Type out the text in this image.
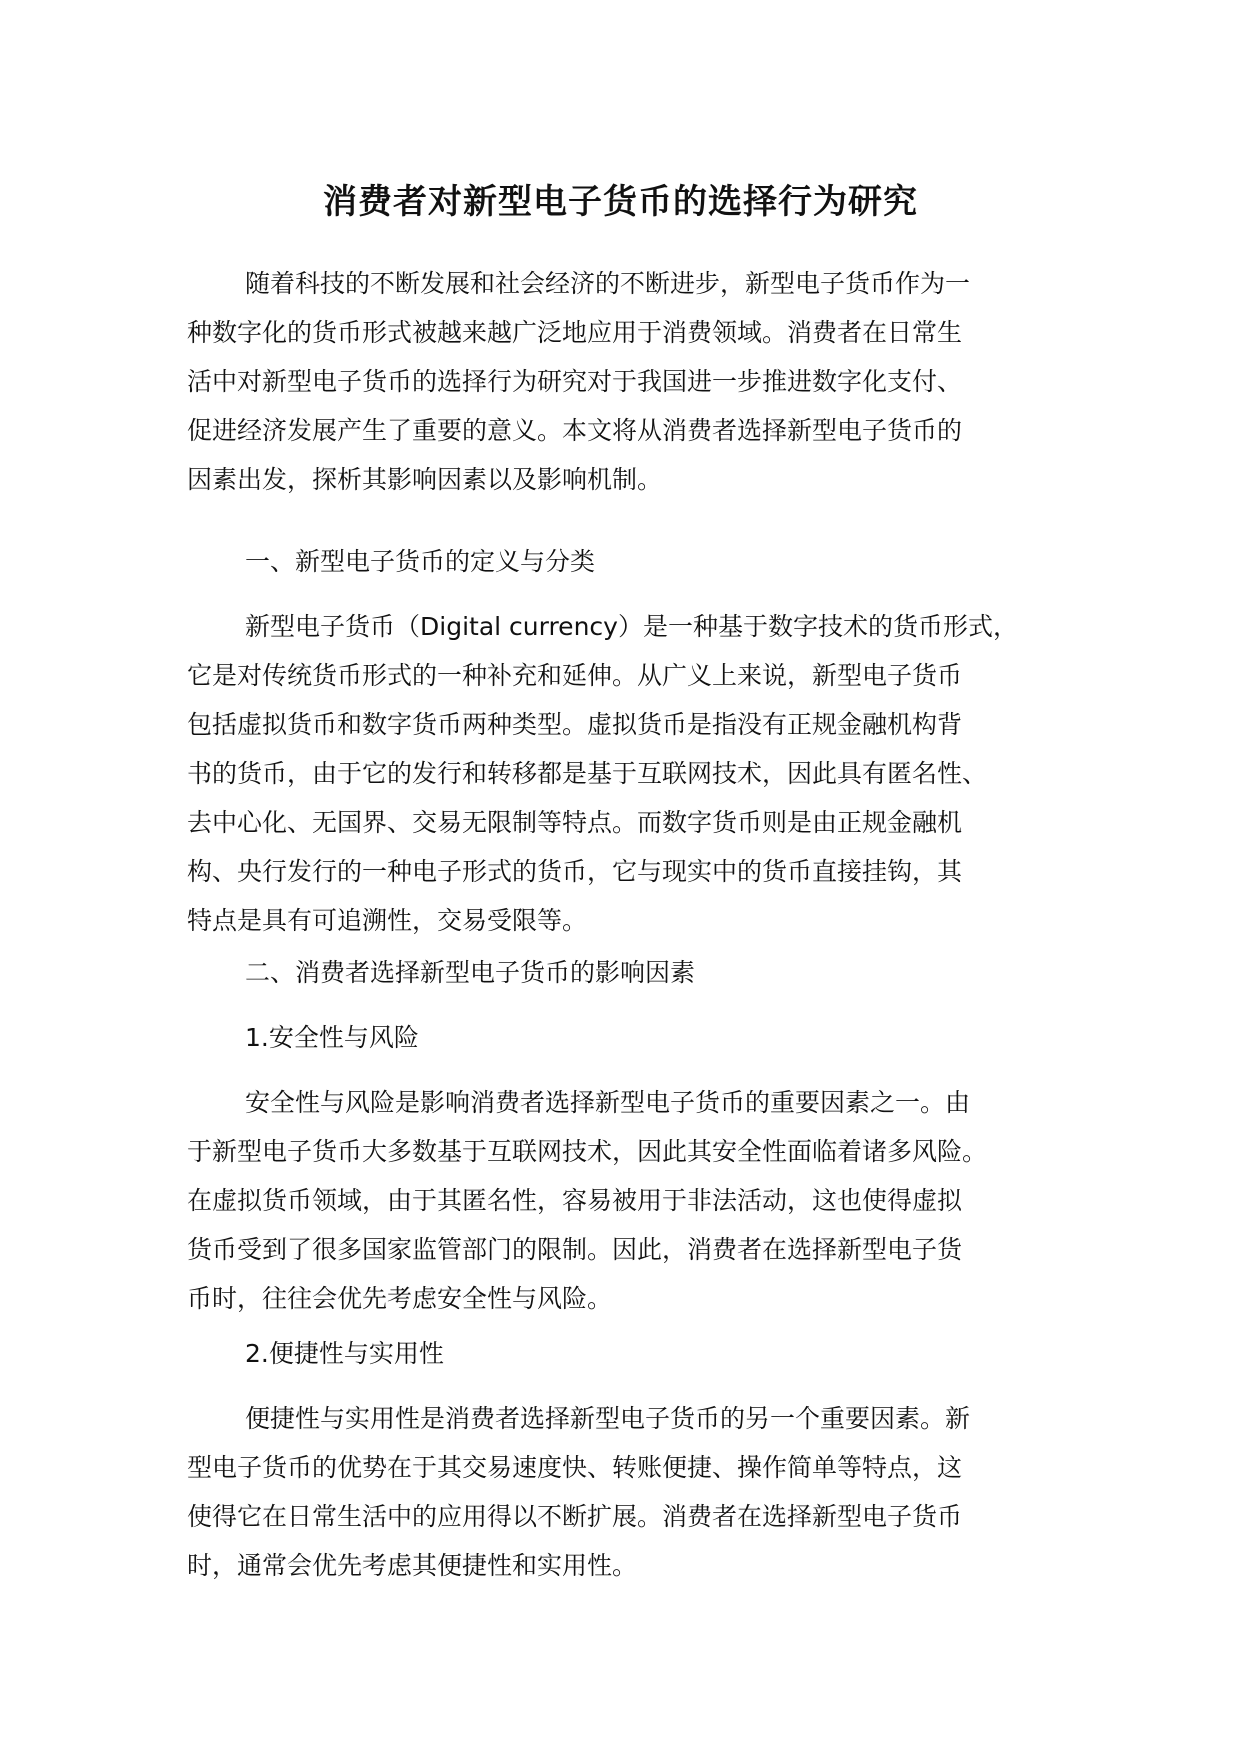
消费者对新型电子货币的选择行为研究
随着科技的不断发展和社会经济的不断进步，新型电子货币作为一
种数字化的货币形式被越来越广泛地应用于消费领域。消费者在日常生
活中对新型电子货币的选择行为研究对于我国进一步推进数字化支付、
促进经济发展产生了重要的意义。本文将从消费者选择新型电子货币的
因素出发，探析其影响因素以及影响机制。
一、新型电子货币的定义与分类
新型电子货币（Digital currency）是一种基于数字技术的货币形式，
它是对传统货币形式的一种补充和延伸。从广义上来说，新型电子货币
包括虚拟货币和数字货币两种类型。虚拟货币是指没有正规金融机构背
书的货币，由于它的发行和转移都是基于互联网技术，因此具有匿名性、
去中心化、无国界、交易无限制等特点。而数字货币则是由正规金融机
构、央行发行的一种电子形式的货币，它与现实中的货币直接挂钩，其
特点是具有可追溯性，交易受限等。
二、消费者选择新型电子货币的影响因素
1.安全性与风险
安全性与风险是影响消费者选择新型电子货币的重要因素之一。由
于新型电子货币大多数基于互联网技术，因此其安全性面临着诸多风险。
在虚拟货币领域，由于其匿名性，容易被用于非法活动，这也使得虚拟
货币受到了很多国家监管部门的限制。因此，消费者在选择新型电子货
币时，往往会优先考虑安全性与风险。
2.便捷性与实用性
便捷性与实用性是消费者选择新型电子货币的另一个重要因素。新
型电子货币的优势在于其交易速度快、转账便捷、操作简单等特点，这
使得它在日常生活中的应用得以不断扩展。消费者在选择新型电子货币
时，通常会优先考虑其便捷性和实用性。
